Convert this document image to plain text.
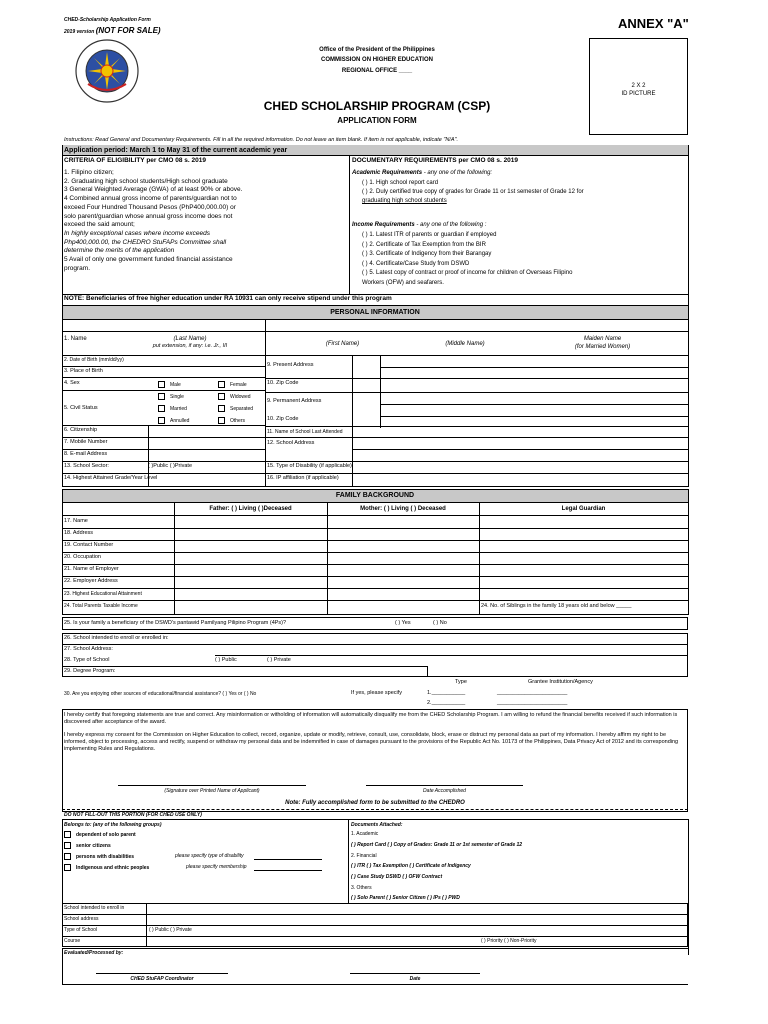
CHED-Scholarship Application Form
2019 version (NOT FOR SALE)	ANNEX "A"
Office of the President of the Philippines
COMMISSION ON HIGHER EDUCATION
REGIONAL OFFICE ____
2 X 2
ID PICTURE
CHED SCHOLARSHIP PROGRAM (CSP)
APPLICATION FORM
Instructions: Read General and Documentary Requirements. Fill in all the required information. Do not leave an item blank. If item is not applicable, indicate "N/A".
Application period: March 1 to May 31 of the current academic year
CRITERIA OF ELIGIBILITY per CMO 08 s. 2019
1. Filipino citizen;
2. Graduating high school students/High school graduate
3 General Weighted Average (GWA) of at least 90% or above.
4 Combined annual gross income of parents/guardian not to
exceed Four Hundred Thousand Pesos (PhP400,000.00) or
solo parent/guardian whose annual gross income does not
exceed the said amount;
In highly exceptional cases where income exceeds
Php400,000.00, the CHEDRO StuFAPs Committee shall
determine the merits of the application
5 Avail of only one government funded financial assistance
program.
DOCUMENTARY REQUIREMENTS per CMO 08 s. 2019
Academic Requirements - any one of the following:
( ) 1. High school report card
( ) 2. Duly certified true copy of grades for Grade 11 or 1st semester of Grade 12 for
graduating high school students
Income Requirements - any one of the following :
( ) 1. Latest ITR of parents or guardian if employed
( ) 2. Certificate of Tax Exemption from the BIR
( ) 3. Certificate of Indigency from their Barangay
( ) 4. Certificate/Case Study from DSWD
( ) 5. Latest copy of contract or proof of income for children of Overseas Filipino
Workers (OFW) and seafarers.
NOTE: Beneficiaries of free higher education under RA 10931 can only receive stipend under this program
PERSONAL INFORMATION
1. Name	(Last Name)
put extension, if any: i.e. Jr., III	(First Name)	(Middle Name)
Maiden Name
(for Married Women)
2. Date of Birth (mm/dd/yy)
3. Place of Birth
4. Sex	Male	Female
5. Civil Status
Single	Widowed
Married	Separated
Annulled	Others
6. Citizenship
7. Mobile Number
8. E-mail Address
13. School Sector:	( )Public ( )Private
14. Highest Attained Grade/Year Level
9. Present Address
10. Zip Code
9. Permanent Address
10. Zip Code
11. Name of School Last Attended
12. School Address
15. Type of Disability (if applicable)
16. IP affiliation (if applicable)
FAMILY BACKGROUND
Father: ( ) Living ( )Deceased	Mother: ( ) Living ( ) Deceased	Legal Guardian
17. Name
18. Address
19. Contact Number
20. Occupation
21. Name of Employer
22. Employer Address
23. Highest Educational Attainment
24. Total Parents Taxable Income	24. No. of Siblings in the family 18 years old and below _____
25. Is your family a beneficiary of the DSWD's pantawid Pamilyang Pilipino Program (4Ps)?	( ) Yes	( ) No
26. School intended to enroll or enrolled in:
27. School Address:
28. Type of School	( ) Public	( ) Private
29. Degree Program:
Type	Grantee Institution/Agency
30. Are you enjoying other sources of educational/financial assistance? ( ) Yes or ( ) No	If yes, please specify	1.___________	_______________________
2.___________	_______________________
I hereby certify that foregoing statements are true and correct. Any misinformation or witholding of information will automatically disqualify me from the CHED Scholarship Program. I am willing to refund the financial benefits received if such information is discovered after acceptance of the award.
I hereby express my consent for the Commission on Higher Education to collect, record, organize, update or modify, retrieve, consult, use, consolidate, block, erase or distruct my personal data as part of my information. I hereby affirm my right to be informed, object to processing, access and rectify, suspend or withdraw my personal data and be indemnified in case of damages pursuant to the provisions of the Republic Act No. 10173 of the Philippines, Data Privacy Act of 2012 and its corresponding implementing Rules and Regulations.
(Signature over Printed Name of Applicant)	Date Accomplished
Note: Fully accomplished form to be submitted to the CHEDRO
DO NOT FILL-OUT THIS PORTION (FOR CHED USE ONLY)
Belongs to: (any of the following groups)
dependent of solo parent
senior citizens
persons with disabilities	please specify type of disability
Indigenous and ethnic peoples	please specify membership
Documents Attached:
1. Academic
( ) Report Card ( ) Copy of Grades: Grade 11 or 1st semester of Grade 12
2. Financial
( ) ITR ( ) Tax Exemption ( ) Certificate of Indigency
( ) Case Study DSWD ( ) OFW Contract
3. Others
( ) Solo Parent ( ) Senior Citizen ( ) IPs ( ) PWD
School intended to enroll in
School address
Type of School	( ) Public ( ) Private
Course	( ) Priority ( ) Non-Priority
Evaluated/Processed by:
CHED StuFAP Coordinator	Date
